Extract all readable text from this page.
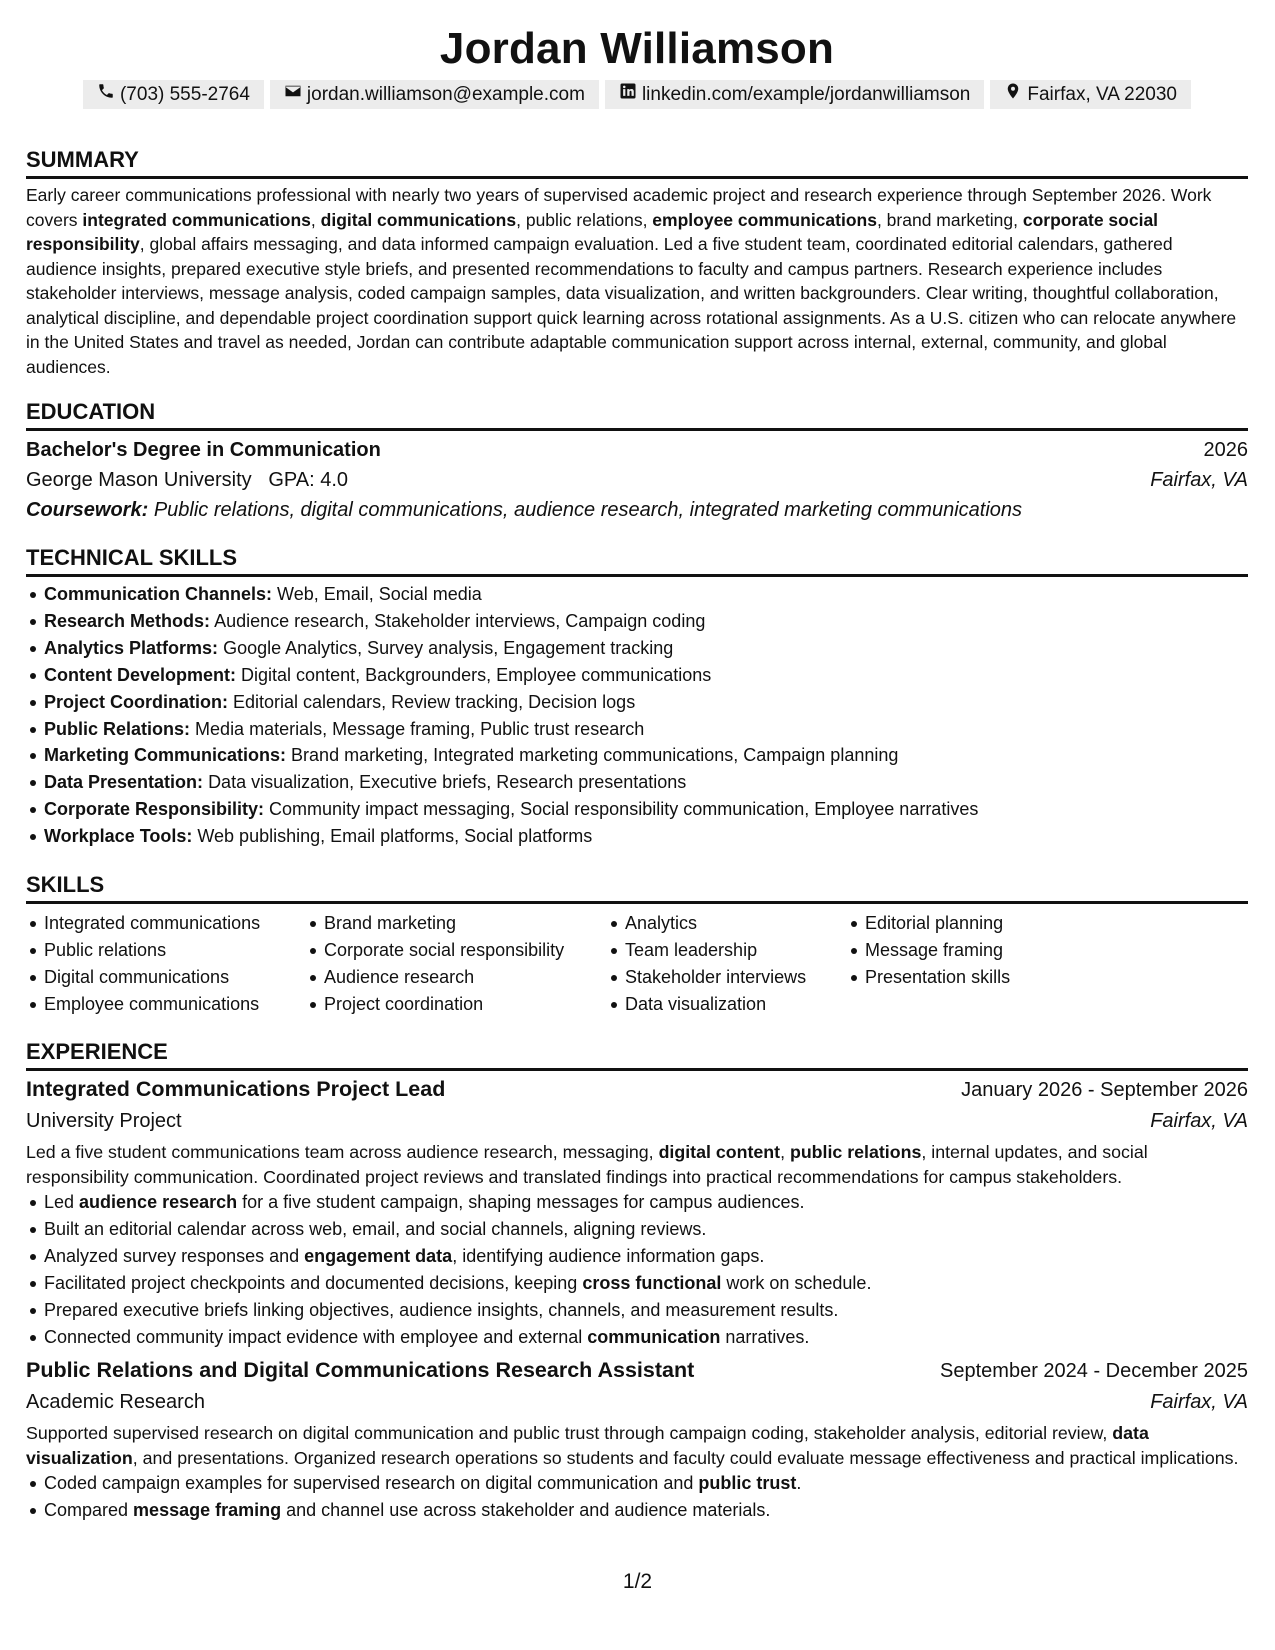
Jordan Williamson
(703) 555-2764	jordan.williamson@example.com	linkedin.com/example/jordanwilliamson	Fairfax, VA 22030
SUMMARY

Early career communications professional with nearly two years of supervised academic project and research experience through September 2026. Work covers integrated communications, digital communications, public relations, employee communications, brand marketing, corporate social responsibility, global affairs messaging, and data informed campaign evaluation. Led a five student team, coordinated editorial calendars, gathered audience insights, prepared executive style briefs, and presented recommendations to faculty and campus partners. Research experience includes stakeholder interviews, message analysis, coded campaign samples, data visualization, and written backgrounders. Clear writing, thoughtful collaboration, analytical discipline, and dependable project coordination support quick learning across rotational assignments. As a U.S. citizen who can relocate anywhere in the United States and travel as needed, Jordan can contribute adaptable communication support across internal, external, community, and global audiences.

EDUCATION
Bachelor's Degree in Communication	2026
George Mason University GPA: 4.0	Fairfax, VA
Coursework: Public relations, digital communications, audience research, integrated marketing communications
TECHNICAL SKILLS
Communication Channels: Web, Email, Social media
Research Methods: Audience research, Stakeholder interviews, Campaign coding
Analytics Platforms: Google Analytics, Survey analysis, Engagement tracking
Content Development: Digital content, Backgrounders, Employee communications
Project Coordination: Editorial calendars, Review tracking, Decision logs
Public Relations: Media materials, Message framing, Public trust research
Marketing Communications: Brand marketing, Integrated marketing communications, Campaign planning
Data Presentation: Data visualization, Executive briefs, Research presentations
Corporate Responsibility: Community impact messaging, Social responsibility communication, Employee narratives
Workplace Tools: Web publishing, Email platforms, Social platforms
SKILLS
Integrated communications
Public relations
Digital communications
Employee communications
Brand marketing
Corporate social responsibility
Audience research
Project coordination
Analytics
Team leadership
Stakeholder interviews
Data visualization
Editorial planning
Message framing
Presentation skills
EXPERIENCE
Integrated Communications Project Lead	January 2026 - September 2026
University Project	Fairfax, VA

Led a five student communications team across audience research, messaging, digital content, public relations, internal updates, and social responsibility communication. Coordinated project reviews and translated findings into practical recommendations for campus stakeholders.

Led audience research for a five student campaign, shaping messages for campus audiences.
Built an editorial calendar across web, email, and social channels, aligning reviews.
Analyzed survey responses and engagement data, identifying audience information gaps.
Facilitated project checkpoints and documented decisions, keeping cross functional work on schedule.
Prepared executive briefs linking objectives, audience insights, channels, and measurement results.
Connected community impact evidence with employee and external communication narratives.
Public Relations and Digital Communications Research Assistant	September 2024 - December 2025
Academic Research	Fairfax, VA

Supported supervised research on digital communication and public trust through campaign coding, stakeholder analysis, editorial review, data visualization, and presentations. Organized research operations so students and faculty could evaluate message effectiveness and practical implications.

Coded campaign examples for supervised research on digital communication and public trust.
Compared message framing and channel use across stakeholder and audience materials.
1/2
